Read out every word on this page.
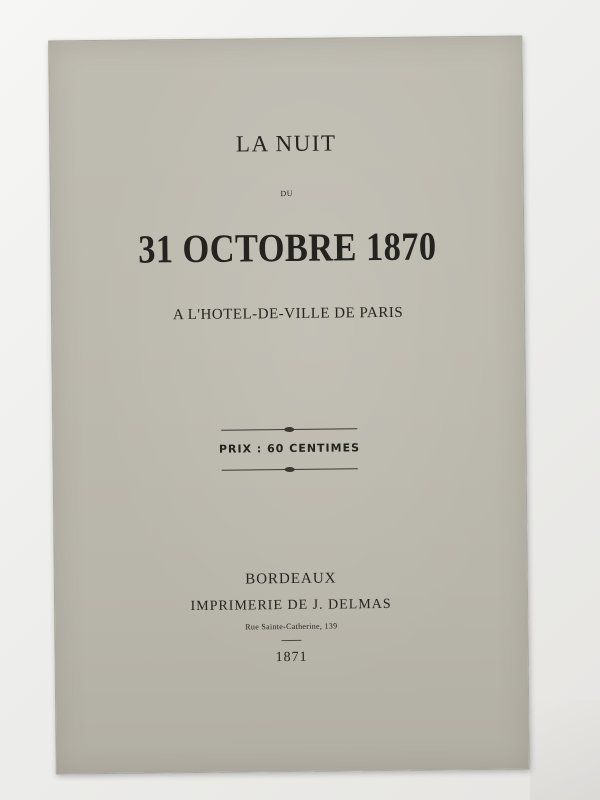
LA NUIT
DU
31 OCTOBRE 1870
A L'HOTEL-DE-VILLE DE PARIS
PRIX : 60 CENTIMES
BORDEAUX
IMPRIMERIE DE J. DELMAS
Rue Sainte-Catherine, 139
1871
